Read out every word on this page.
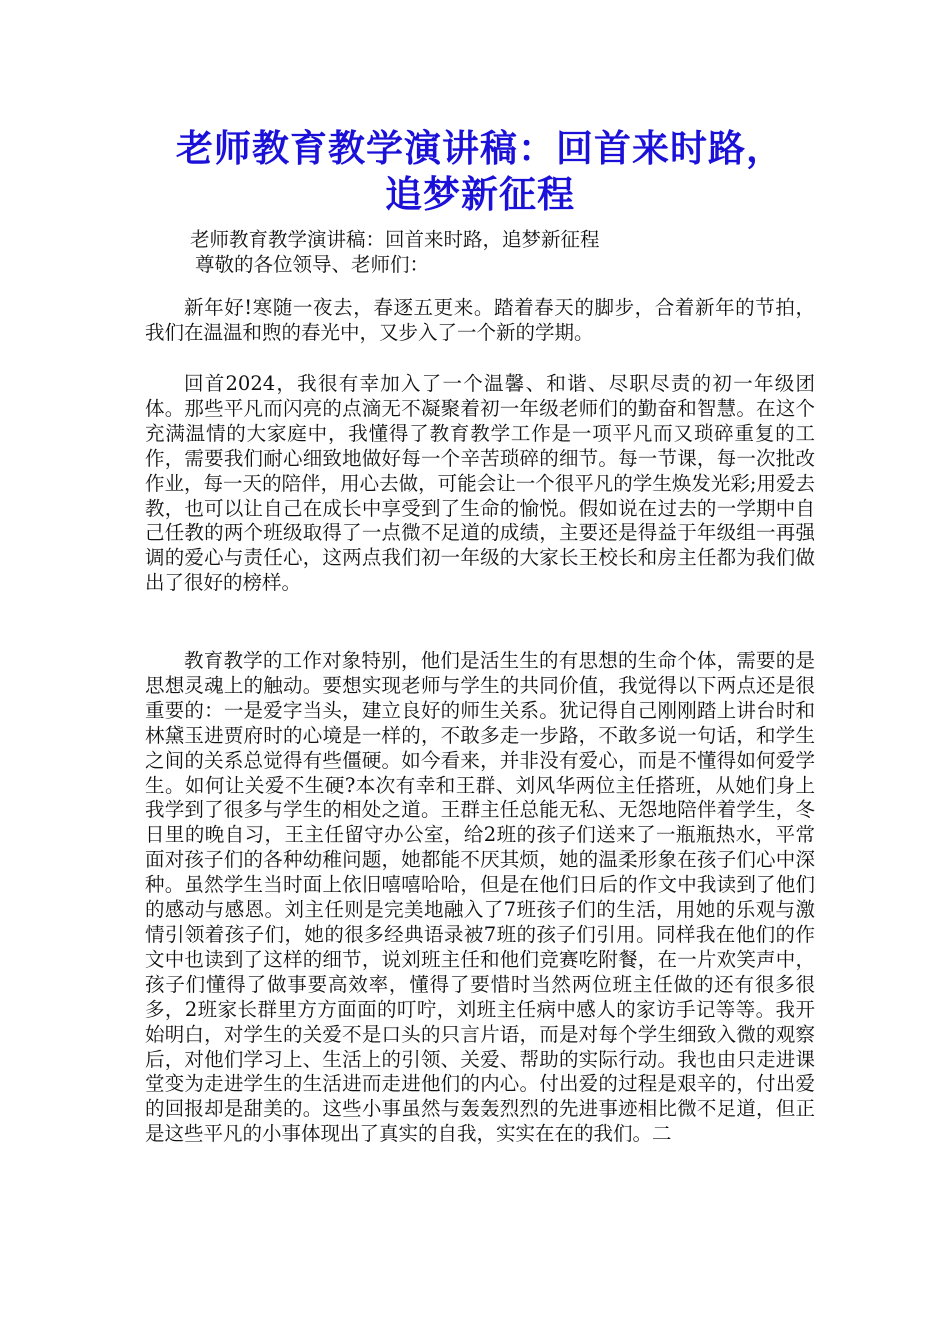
老师教育教学演讲稿：回首来时路，
追梦新征程
老师教育教学演讲稿：回首来时路，追梦新征程
尊敬的各位领导、老师们：

新年好!寒随一夜去，春逐五更来。踏着春天的脚步，合着新年的节拍，我们在温温和煦的春光中，又步入了一个新的学期。

回首2024，我很有幸加入了一个温馨、和谐、尽职尽责的初一年级团体。那些平凡而闪亮的点滴无不凝聚着初一年级老师们的勤奋和智慧。在这个充满温情的大家庭中，我懂得了教育教学工作是一项平凡而又琐碎重复的工作，需要我们耐心细致地做好每一个辛苦琐碎的细节。每一节课，每一次批改作业，每一天的陪伴，用心去做，可能会让一个很平凡的学生焕发光彩;用爱去教，也可以让自己在成长中享受到了生命的愉悦。假如说在过去的一学期中自己任教的两个班级取得了一点微不足道的成绩，主要还是得益于年级组一再强调的爱心与责任心，这两点我们初一年级的大家长王校长和房主任都为我们做出了很好的榜样。

教育教学的工作对象特别，他们是活生生的有思想的生命个体，需要的是思想灵魂上的触动。要想实现老师与学生的共同价值，我觉得以下两点还是很重要的：一是爱字当头，建立良好的师生关系。犹记得自己刚刚踏上讲台时和林黛玉进贾府时的心境是一样的，不敢多走一步路，不敢多说一句话，和学生之间的关系总觉得有些僵硬。如今看来，并非没有爱心，而是不懂得如何爱学生。如何让关爱不生硬?本次有幸和王群、刘风华两位主任搭班，从她们身上我学到了很多与学生的相处之道。王群主任总能无私、无怨地陪伴着学生，冬日里的晚自习，王主任留守办公室，给2班的孩子们送来了一瓶瓶热水，平常面对孩子们的各种幼稚问题，她都能不厌其烦，她的温柔形象在孩子们心中深种。虽然学生当时面上依旧嘻嘻哈哈，但是在他们日后的作文中我读到了他们的感动与感恩。刘主任则是完美地融入了7班孩子们的生活，用她的乐观与激情引领着孩子们，她的很多经典语录被7班的孩子们引用。同样我在他们的作文中也读到了这样的细节，说刘班主任和他们竞赛吃附餐，在一片欢笑声中，孩子们懂得了做事要高效率，懂得了要惜时当然两位班主任做的还有很多很多，2班家长群里方方面面的叮咛，刘班主任病中感人的家访手记等等。我开始明白，对学生的关爱不是口头的只言片语，而是对每个学生细致入微的观察后，对他们学习上、生活上的引领、关爱、帮助的实际行动。我也由只走进课堂变为走进学生的生活进而走进他们的内心。付出爱的过程是艰辛的，付出爱的回报却是甜美的。这些小事虽然与轰轰烈烈的先进事迹相比微不足道，但正是这些平凡的小事体现出了真实的自我，实实在在的我们。二
